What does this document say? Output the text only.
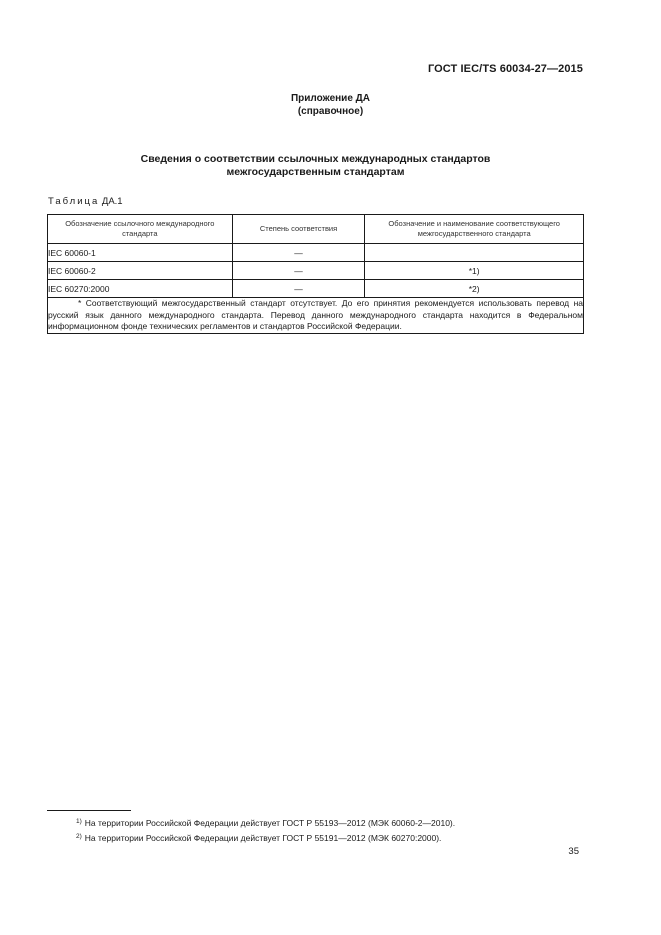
ГОСТ IEC/TS 60034-27—2015
Приложение ДА
(справочное)
Сведения о соответствии ссылочных международных стандартов
межгосударственным стандартам
Таблица ДА.1
Обозначение ссылочного международного стандарта	Степень соответствия	Обозначение и наименование соответствующего межгосударственного стандарта
IEC 60060-1	—	
IEC 60060-2	—	*1)
IEC 60270:2000	—	*2)

* Соответствующий межгосударственный стандарт отсутствует. До его принятия рекомендуется использовать перевод на русский язык данного международного стандарта. Перевод данного международного стандарта находится в Федеральном информационном фонде технических регламентов и стандартов Российской Федерации.		
$^{1)}$ На территории Российской Федерации действует ГОСТ Р 55193—2012 (МЭК 60060-2—2010).
$^{2)}$ На территории Российской Федерации действует ГОСТ Р 55191—2012 (МЭК 60270:2000).
35
